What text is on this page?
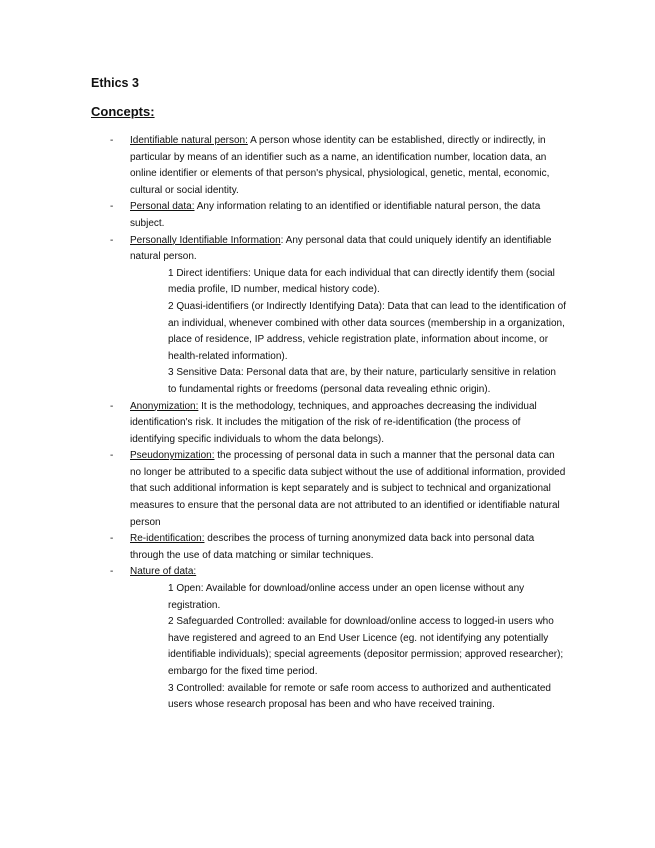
Ethics 3
Concepts:
- Identifiable natural person: A person whose identity can be established, directly or indirectly, in particular by means of an identifier such as a name, an identification number, location data, an online identifier or elements of that person's physical, physiological, genetic, mental, economic, cultural or social identity.
- Personal data: Any information relating to an identified or identifiable natural person, the data subject.
- Personally Identifiable Information: Any personal data that could uniquely identify an identifiable natural person.
1 Direct identifiers: Unique data for each individual that can directly identify them (social media profile, ID number, medical history code).
2 Quasi-identifiers (or Indirectly Identifying Data): Data that can lead to the identification of an individual, whenever combined with other data sources (membership in a organization, place of residence, IP address, vehicle registration plate, information about income, or health-related information).
3 Sensitive Data: Personal data that are, by their nature, particularly sensitive in relation to fundamental rights or freedoms (personal data revealing ethnic origin).
- Anonymization: It is the methodology, techniques, and approaches decreasing the individual identification's risk. It includes the mitigation of the risk of re-identification (the process of identifying specific individuals to whom the data belongs).
- Pseudonymization: the processing of personal data in such a manner that the personal data can no longer be attributed to a specific data subject without the use of additional information, provided that such additional information is kept separately and is subject to technical and organizational measures to ensure that the personal data are not attributed to an identified or identifiable natural person
- Re-identification: describes the process of turning anonymized data back into personal data through the use of data matching or similar techniques.
- Nature of data:
1 Open: Available for download/online access under an open license without any registration.
2 Safeguarded Controlled: available for download/online access to logged-in users who have registered and agreed to an End User Licence (eg. not identifying any potentially identifiable individuals); special agreements (depositor permission; approved researcher); embargo for the fixed time period.
3 Controlled: available for remote or safe room access to authorized and authenticated users whose research proposal has been and who have received training.
